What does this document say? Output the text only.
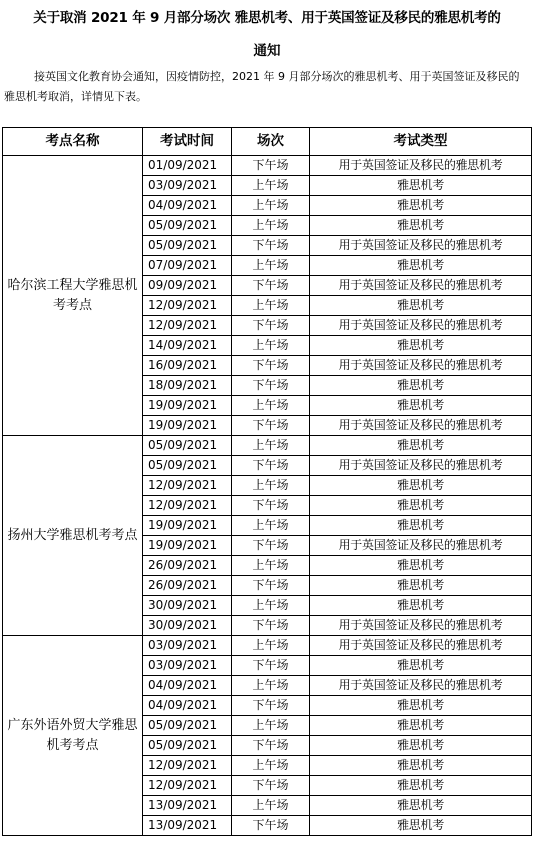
关于取消 2021 年 9 月部分场次 雅思机考、用于英国签证及移民的雅思机考的
通知

接英国文化教育协会通知，因疫情防控，2021 年 9 月部分场次的雅思机考、用于英国签证及移民的雅思机考取消，详情见下表。

考点名称	考试时间	场次	考试类型
哈尔滨工程大学雅思机考考点	01/09/2021	下午场	用于英国签证及移民的雅思机考
	03/09/2021	上午场	雅思机考
	04/09/2021	上午场	雅思机考
	05/09/2021	上午场	雅思机考
	05/09/2021	下午场	用于英国签证及移民的雅思机考
	07/09/2021	上午场	雅思机考
	09/09/2021	下午场	用于英国签证及移民的雅思机考
	12/09/2021	上午场	雅思机考
	12/09/2021	下午场	用于英国签证及移民的雅思机考
	14/09/2021	上午场	雅思机考
	16/09/2021	下午场	用于英国签证及移民的雅思机考
	18/09/2021	下午场	雅思机考
	19/09/2021	上午场	雅思机考
	19/09/2021	下午场	用于英国签证及移民的雅思机考
扬州大学雅思机考考点	05/09/2021	上午场	雅思机考
	05/09/2021	下午场	用于英国签证及移民的雅思机考
	12/09/2021	上午场	雅思机考
	12/09/2021	下午场	雅思机考
	19/09/2021	上午场	雅思机考
	19/09/2021	下午场	用于英国签证及移民的雅思机考
	26/09/2021	上午场	雅思机考
	26/09/2021	下午场	雅思机考
	30/09/2021	上午场	雅思机考
	30/09/2021	下午场	用于英国签证及移民的雅思机考
广东外语外贸大学雅思机考考点	03/09/2021	上午场	用于英国签证及移民的雅思机考
	03/09/2021	下午场	雅思机考
	04/09/2021	上午场	用于英国签证及移民的雅思机考
	04/09/2021	下午场	雅思机考
	05/09/2021	上午场	雅思机考
	05/09/2021	下午场	雅思机考
	12/09/2021	上午场	雅思机考
	12/09/2021	下午场	雅思机考
	13/09/2021	上午场	雅思机考
	13/09/2021	下午场	雅思机考
